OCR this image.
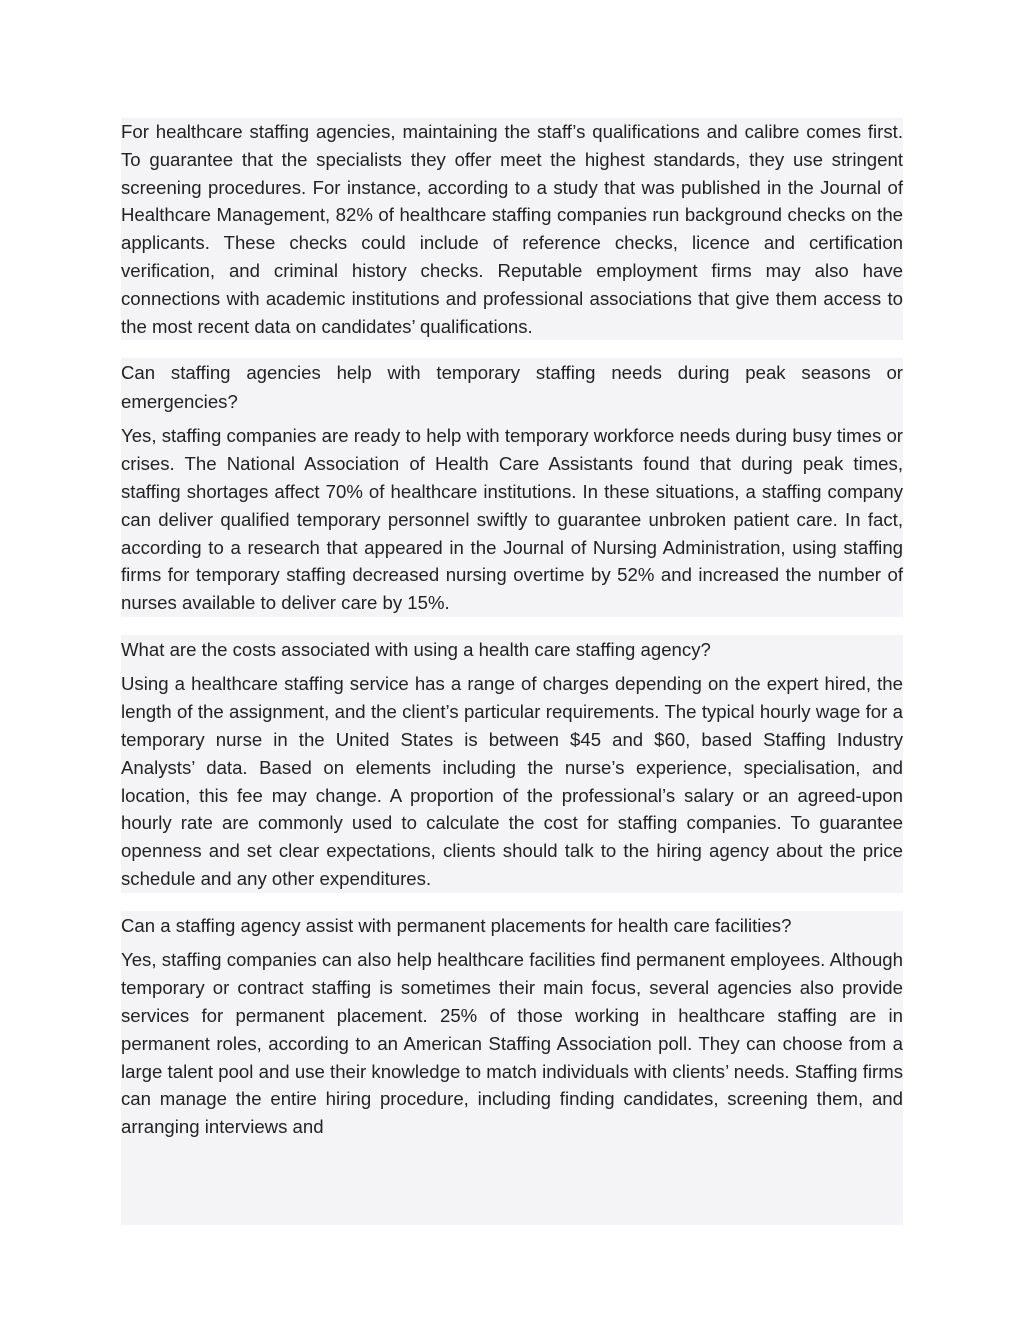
For healthcare staffing agencies, maintaining the staff’s qualifications and calibre comes first. To guarantee that the specialists they offer meet the highest standards, they use stringent screening procedures. For instance, according to a study that was published in the Journal of Healthcare Management, 82% of healthcare staffing companies run background checks on the applicants. These checks could include of reference checks, licence and certification verification, and criminal history checks. Reputable employment firms may also have connections with academic institutions and professional associations that give them access to the most recent data on candidates’ qualifications.

Can staffing agencies help with temporary staffing needs during peak seasons or emergencies?

Yes, staffing companies are ready to help with temporary workforce needs during busy times or crises. The National Association of Health Care Assistants found that during peak times, staffing shortages affect 70% of healthcare institutions. In these situations, a staffing company can deliver qualified temporary personnel swiftly to guarantee unbroken patient care. In fact, according to a research that appeared in the Journal of Nursing Administration, using staffing firms for temporary staffing decreased nursing overtime by 52% and increased the number of nurses available to deliver care by 15%.

What are the costs associated with using a health care staffing agency?

Using a healthcare staffing service has a range of charges depending on the expert hired, the length of the assignment, and the client’s particular requirements. The typical hourly wage for a temporary nurse in the United States is between $45 and $60, based Staffing Industry Analysts’ data. Based on elements including the nurse’s experience, specialisation, and location, this fee may change. A proportion of the professional’s salary or an agreed-upon hourly rate are commonly used to calculate the cost for staffing companies. To guarantee openness and set clear expectations, clients should talk to the hiring agency about the price schedule and any other expenditures.

Can a staffing agency assist with permanent placements for health care facilities?

Yes, staffing companies can also help healthcare facilities find permanent employees. Although temporary or contract staffing is sometimes their main focus, several agencies also provide services for permanent placement. 25% of those working in healthcare staffing are in permanent roles, according to an American Staffing Association poll. They can choose from a large talent pool and use their knowledge to match individuals with clients’ needs. Staffing firms can manage the entire hiring procedure, including finding candidates, screening them, and arranging interviews and
